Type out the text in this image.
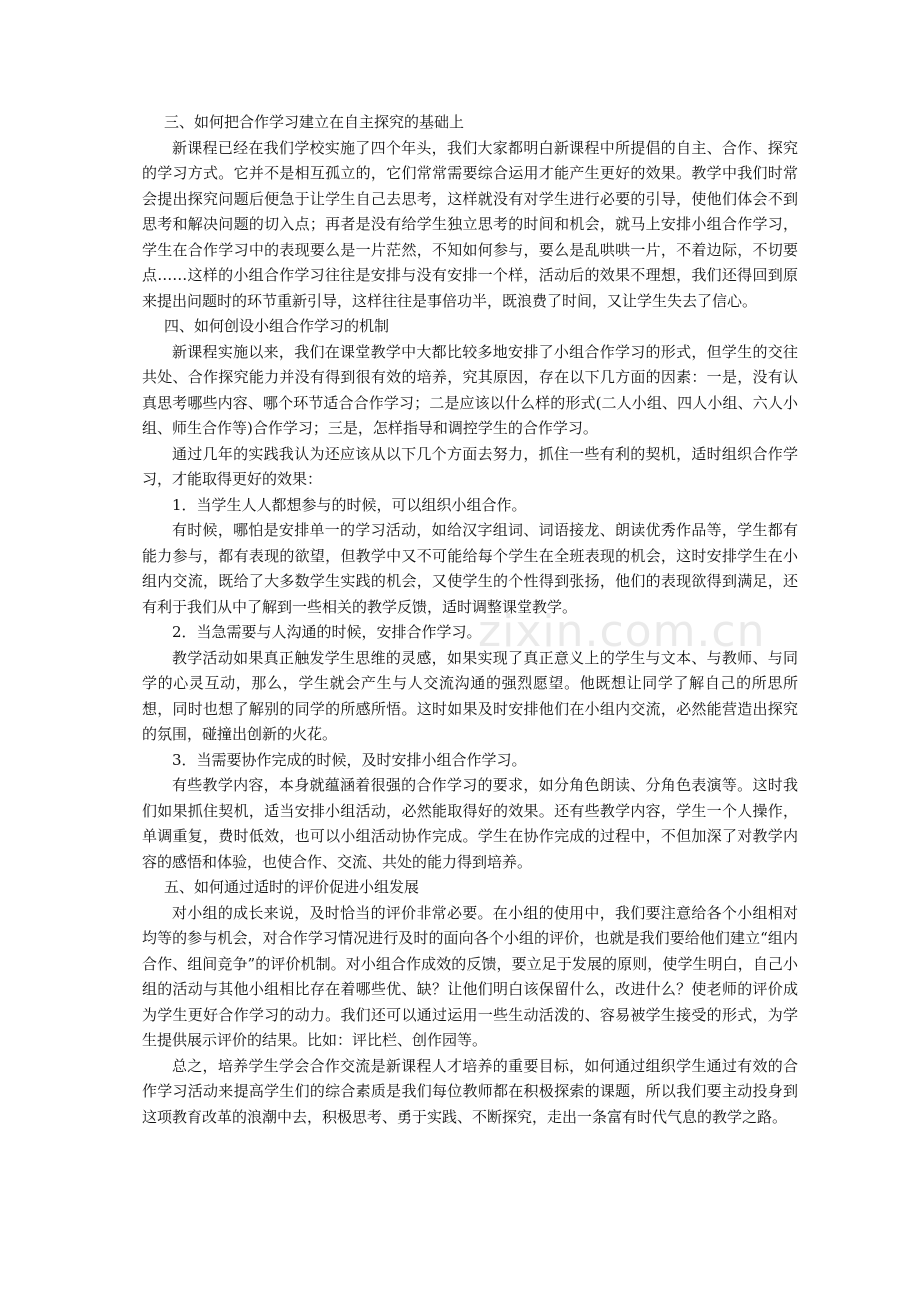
三、如何把合作学习建立在自主探究的基础上

新课程已经在我们学校实施了四个年头，我们大家都明白新课程中所提倡的自主、合作、探究的学习方式。它并不是相互孤立的，它们常常需要综合运用才能产生更好的效果。教学中我们时常会提出探究问题后便急于让学生自己去思考，这样就没有对学生进行必要的引导，使他们体会不到思考和解决问题的切入点；再者是没有给学生独立思考的时间和机会，就马上安排小组合作学习，学生在合作学习中的表现要么是一片茫然，不知如何参与，要么是乱哄哄一片，不着边际，不切要点……这样的小组合作学习往往是安排与没有安排一个样，活动后的效果不理想，我们还得回到原来提出问题时的环节重新引导，这样往往是事倍功半，既浪费了时间，又让学生失去了信心。

四、如何创设小组合作学习的机制

新课程实施以来，我们在课堂教学中大都比较多地安排了小组合作学习的形式，但学生的交往共处、合作探究能力并没有得到很有效的培养，究其原因，存在以下几方面的因素：一是，没有认真思考哪些内容、哪个环节适合合作学习；二是应该以什么样的形式(二人小组、四人小组、六人小组、师生合作等)合作学习；三是，怎样指导和调控学生的合作学习。

通过几年的实践我认为还应该从以下几个方面去努力，抓住一些有利的契机，适时组织合作学习，才能取得更好的效果：

1．当学生人人都想参与的时候，可以组织小组合作。

有时候，哪怕是安排单一的学习活动，如给汉字组词、词语接龙、朗读优秀作品等，学生都有能力参与，都有表现的欲望，但教学中又不可能给每个学生在全班表现的机会，这时安排学生在小组内交流，既给了大多数学生实践的机会，又使学生的个性得到张扬，他们的表现欲得到满足，还有利于我们从中了解到一些相关的教学反馈，适时调整课堂教学。

2．当急需要与人沟通的时候，安排合作学习。

教学活动如果真正触发学生思维的灵感，如果实现了真正意义上的学生与文本、与教师、与同学的心灵互动，那么，学生就会产生与人交流沟通的强烈愿望。他既想让同学了解自己的所思所想，同时也想了解别的同学的所感所悟。这时如果及时安排他们在小组内交流，必然能营造出探究的氛围，碰撞出创新的火花。

3．当需要协作完成的时候，及时安排小组合作学习。

有些教学内容，本身就蕴涵着很强的合作学习的要求，如分角色朗读、分角色表演等。这时我们如果抓住契机，适当安排小组活动，必然能取得好的效果。还有些教学内容，学生一个人操作，单调重复，费时低效，也可以小组活动协作完成。学生在协作完成的过程中，不但加深了对教学内容的感悟和体验，也使合作、交流、共处的能力得到培养。

五、如何通过适时的评价促进小组发展

对小组的成长来说，及时恰当的评价非常必要。在小组的使用中，我们要注意给各个小组相对均等的参与机会，对合作学习情况进行及时的面向各个小组的评价，也就是我们要给他们建立“组内合作、组间竞争”的评价机制。对小组合作成效的反馈，要立足于发展的原则，使学生明白，自己小组的活动与其他小组相比存在着哪些优、缺？让他们明白该保留什么，改进什么？使老师的评价成为学生更好合作学习的动力。我们还可以通过运用一些生动活泼的、容易被学生接受的形式，为学生提供展示评价的结果。比如：评比栏、创作园等。

总之，培养学生学会合作交流是新课程人才培养的重要目标，如何通过组织学生通过有效的合作学习活动来提高学生们的综合素质是我们每位教师都在积极探索的课题，所以我们要主动投身到这项教育改革的浪潮中去，积极思考、勇于实践、不断探究，走出一条富有时代气息的教学之路。

zixin.com.cn
